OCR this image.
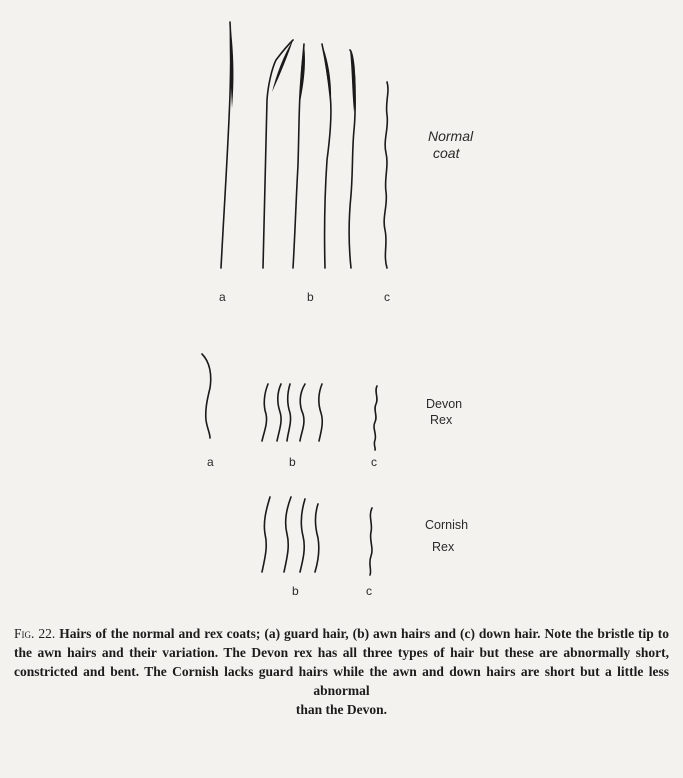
a	b	c
Normal
coat
a	b	c
Devon
Rex
b	c
Cornish
Rex
Fig. 22. Hairs of the normal and rex coats; (a) guard hair, (b) awn hairs and (c) down hair. Note the bristle tip to the awn hairs and their variation. The Devon rex has all three types of hair but these are abnormally short, constricted and bent. The Cornish lacks guard hairs while the awn and down hairs are short but a little less abnormal
than the Devon.
